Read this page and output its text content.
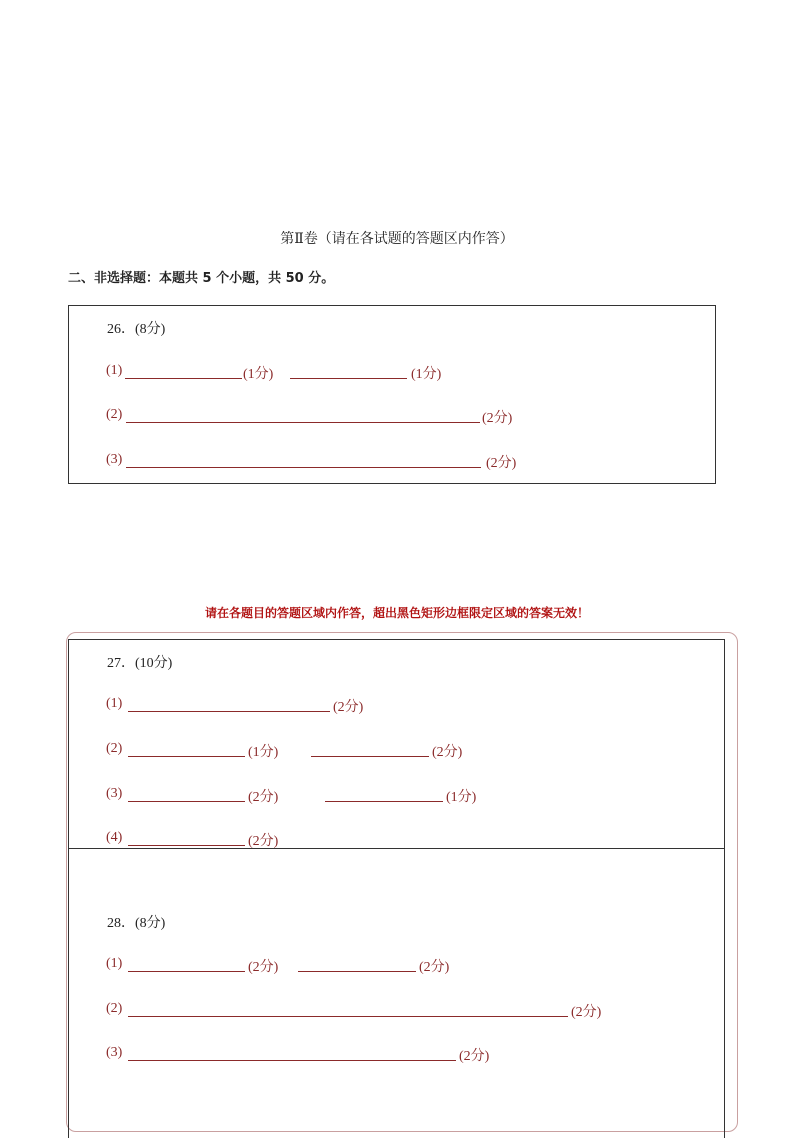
第Ⅱ卷（请在各试题的答题区内作答）
二、非选择题：本题共 5 个小题，共 50 分。
26．(8分)
(1)	(1分)	(1分)
(2)	(2分)
(3)	(2分)
请在各题目的答题区域内作答，超出黑色矩形边框限定区域的答案无效！
27．(10分)
(1)	(2分)
(2)	(1分)	(2分)
(3)	(2分)	(1分)
(4)	(2分)
28．(8分)
(1)	(2分)	(2分)
(2)	(2分)
(3)	(2分)
